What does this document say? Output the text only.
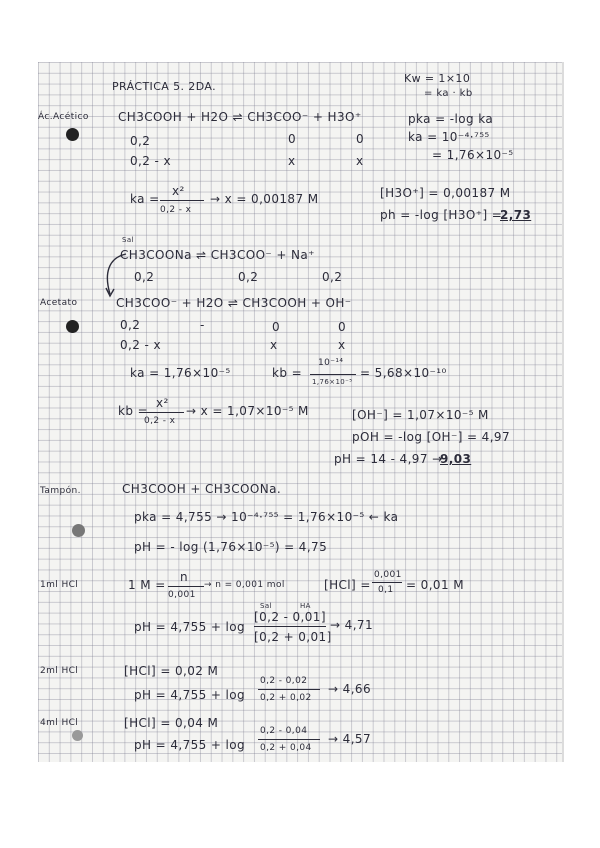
PRÁCTICA 5. 2DA.
Kw = 1×10
= ka · kb
Ác.Acético CH3COOH + H2O ⇌ CH3COO⁻ + H3O⁺
0,2	0	0
0,2 - x	x	x
pka = -log ka
ka = 10⁻⁴·⁷⁵⁵
= 1,76×10⁻⁵
ka =
x²
0,2 - x
→ x = 0,00187 M	[H3O⁺] = 0,00187 M
ph = -log [H3O⁺] =
2,73
Sal
CH3COONa ⇌ CH3COO⁻ + Na⁺
0,2	0,2	0,2
Acetato	CH3COO⁻ + H2O ⇌ CH3COOH + OH⁻
0,2	-	0	0
0,2 - x	x	x
ka = 1,76×10⁻⁵	kb =
10⁻¹⁴
1,76×10⁻⁵
= 5,68×10⁻¹⁰
kb =
x²
0,2 - x
→ x = 1,07×10⁻⁵ M	[OH⁻] = 1,07×10⁻⁵ M
pOH = -log [OH⁻] = 4,97
pH = 14 - 4,97 →
9,03
Tampón.	CH3COOH + CH3COONa.
pka = 4,755 → 10⁻⁴·⁷⁵⁵ = 1,76×10⁻⁵ ← ka
pH = - log (1,76×10⁻⁵) = 4,75
1ml HCl	1 M =
n
0,001
→ n = 0,001 mol	[HCl] =
0,001
0,1 = 0,01 M
Sal	HA
pH = 4,755 + log
[0,2 - 0,01]
[0,2 + 0,01]
→ 4,71
2ml HCl	[HCl] = 0,02 M
pH = 4,755 + log
0,2 - 0,02
0,2 + 0,02
→ 4,66
4ml HCl	[HCl] = 0,04 M
pH = 4,755 + log
0,2 - 0,04
0,2 + 0,04
→ 4,57
